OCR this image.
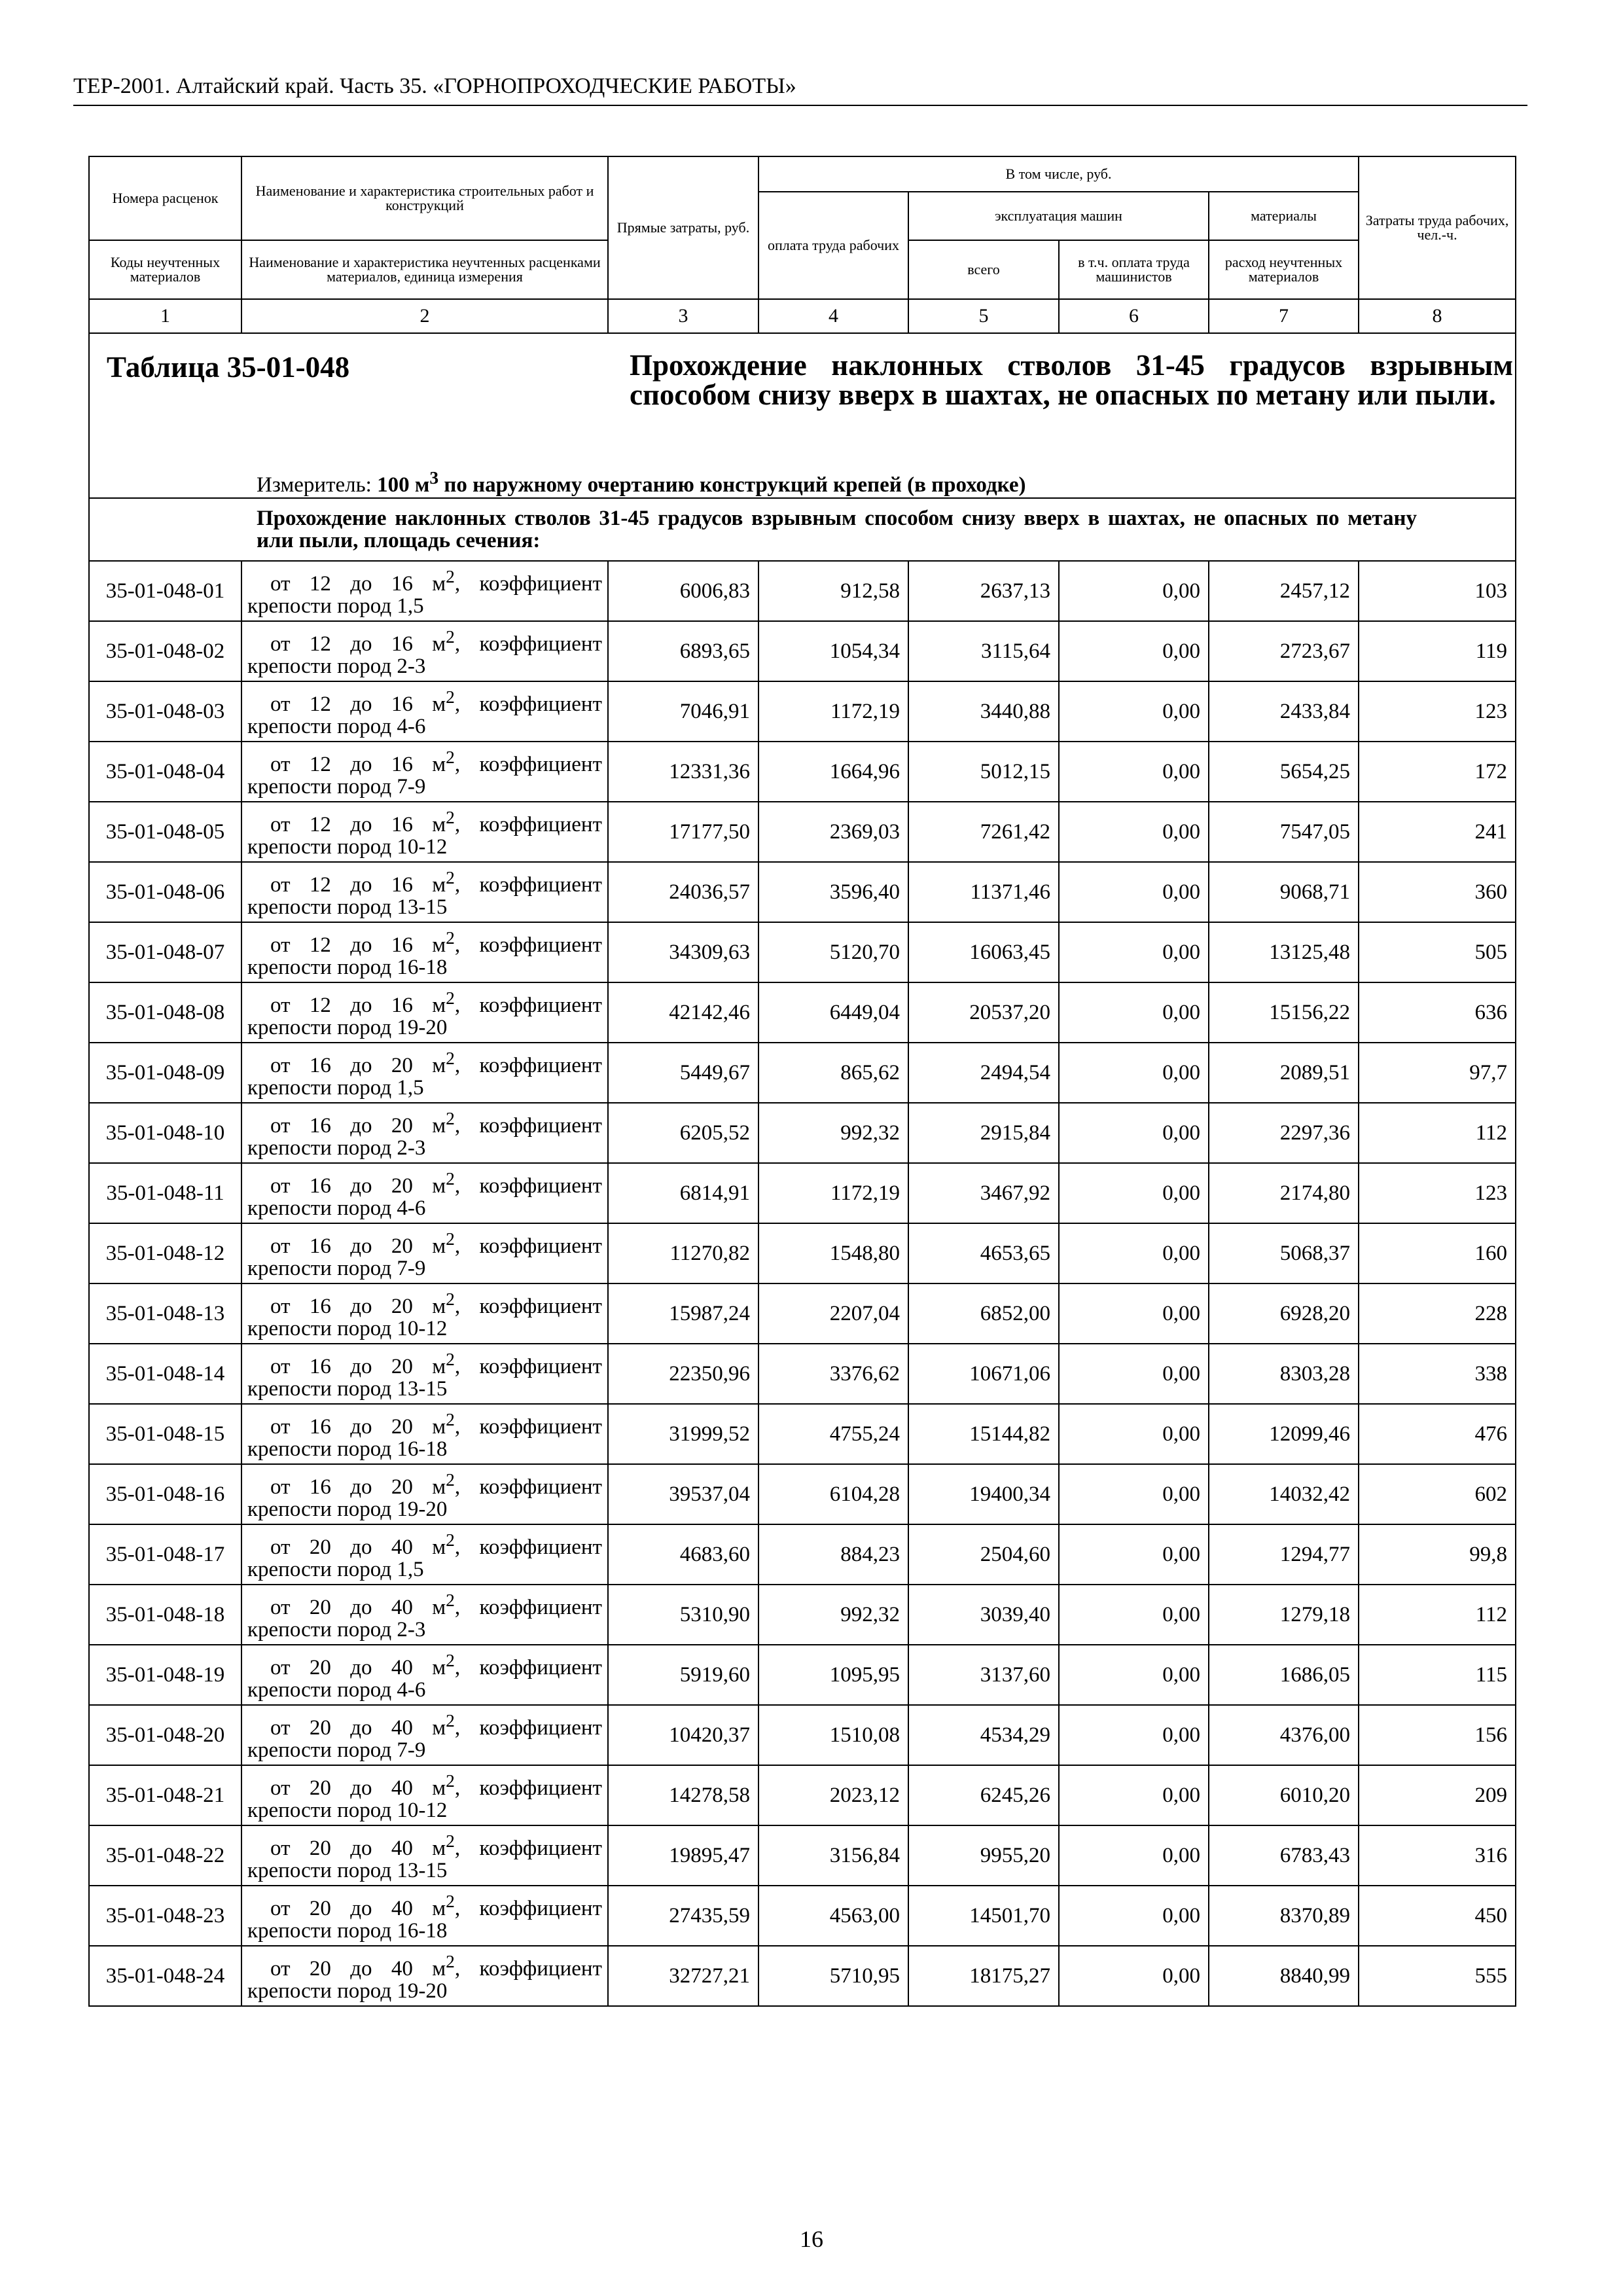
ТЕР-2001. Алтайский край. Часть 35. «ГОРНОПРОХОДЧЕСКИЕ РАБОТЫ»
Номера расценок	Наименование и характеристика строительных работ и конструкций	Прямые затраты, руб.	В том числе, руб.				Затраты труда рабочих, чел.-ч.
			оплата труда рабочих	эксплуатация машин		материалы	
Коды неучтенных материалов	Наименование и характеристика неучтенных расценками материалов, единица измерения			всего	в т.ч. оплата труда машинистов	расход неучтенных материалов	
1	2	3	4	5	6	7	8

Таблица 35-01-048 Прохождение наклонных стволов 31-45 градусов взрывным способом снизу вверх в шахтах, не опасных по метану или пыли.
Измеритель: 100 $м^3$ по наружному очертанию конструкций крепей (в проходке)							

Прохождение наклонных стволов 31-45 градусов взрывным способом снизу вверх в шахтах, не опасных по метану или пыли, площадь сечения:							
35-01-048-01	от 12 до 16 $м^2$, коэффициент
крепости пород 1,5	6006,83	912,58	2637,13	0,00	2457,12	103
35-01-048-02	от 12 до 16 $м^2$, коэффициент
крепости пород 2-3	6893,65	1054,34	3115,64	0,00	2723,67	119
35-01-048-03	от 12 до 16 $м^2$, коэффициент
крепости пород 4-6	7046,91	1172,19	3440,88	0,00	2433,84	123
35-01-048-04	от 12 до 16 $м^2$, коэффициент
крепости пород 7-9	12331,36	1664,96	5012,15	0,00	5654,25	172
35-01-048-05	от 12 до 16 $м^2$, коэффициент
крепости пород 10-12	17177,50	2369,03	7261,42	0,00	7547,05	241
35-01-048-06	от 12 до 16 $м^2$, коэффициент
крепости пород 13-15	24036,57	3596,40	11371,46	0,00	9068,71	360
35-01-048-07	от 12 до 16 $м^2$, коэффициент
крепости пород 16-18	34309,63	5120,70	16063,45	0,00	13125,48	505
35-01-048-08	от 12 до 16 $м^2$, коэффициент
крепости пород 19-20	42142,46	6449,04	20537,20	0,00	15156,22	636
35-01-048-09	от 16 до 20 $м^2$, коэффициент
крепости пород 1,5	5449,67	865,62	2494,54	0,00	2089,51	97,7
35-01-048-10	от 16 до 20 $м^2$, коэффициент
крепости пород 2-3	6205,52	992,32	2915,84	0,00	2297,36	112
35-01-048-11	от 16 до 20 $м^2$, коэффициент
крепости пород 4-6	6814,91	1172,19	3467,92	0,00	2174,80	123
35-01-048-12	от 16 до 20 $м^2$, коэффициент
крепости пород 7-9	11270,82	1548,80	4653,65	0,00	5068,37	160
35-01-048-13	от 16 до 20 $м^2$, коэффициент
крепости пород 10-12	15987,24	2207,04	6852,00	0,00	6928,20	228
35-01-048-14	от 16 до 20 $м^2$, коэффициент
крепости пород 13-15	22350,96	3376,62	10671,06	0,00	8303,28	338
35-01-048-15	от 16 до 20 $м^2$, коэффициент
крепости пород 16-18	31999,52	4755,24	15144,82	0,00	12099,46	476
35-01-048-16	от 16 до 20 $м^2$, коэффициент
крепости пород 19-20	39537,04	6104,28	19400,34	0,00	14032,42	602
35-01-048-17	от 20 до 40 $м^2$, коэффициент
крепости пород 1,5	4683,60	884,23	2504,60	0,00	1294,77	99,8
35-01-048-18	от 20 до 40 $м^2$, коэффициент
крепости пород 2-3	5310,90	992,32	3039,40	0,00	1279,18	112
35-01-048-19	от 20 до 40 $м^2$, коэффициент
крепости пород 4-6	5919,60	1095,95	3137,60	0,00	1686,05	115
35-01-048-20	от 20 до 40 $м^2$, коэффициент
крепости пород 7-9	10420,37	1510,08	4534,29	0,00	4376,00	156
35-01-048-21	от 20 до 40 $м^2$, коэффициент
крепости пород 10-12	14278,58	2023,12	6245,26	0,00	6010,20	209
35-01-048-22	от 20 до 40 $м^2$, коэффициент
крепости пород 13-15	19895,47	3156,84	9955,20	0,00	6783,43	316
35-01-048-23	от 20 до 40 $м^2$, коэффициент
крепости пород 16-18	27435,59	4563,00	14501,70	0,00	8370,89	450
35-01-048-24	от 20 до 40 $м^2$, коэффициент
крепости пород 19-20	32727,21	5710,95	18175,27	0,00	8840,99	555
16
